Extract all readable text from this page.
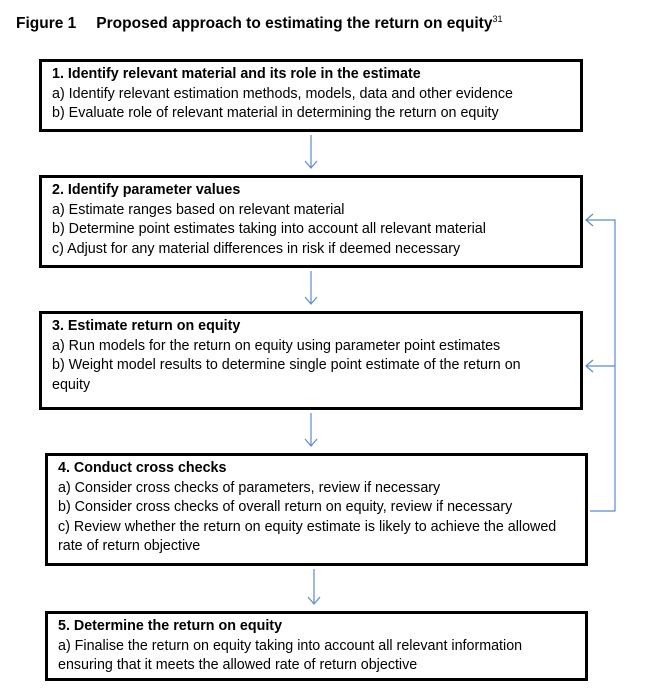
Figure 1 Proposed approach to estimating the return on equity$^{31}$
1. Identify relevant material and its role in the estimate
a) Identify relevant estimation methods, models, data and other evidence
b) Evaluate role of relevant material in determining the return on equity
2. Identify parameter values
a) Estimate ranges based on relevant material
b) Determine point estimates taking into account all relevant material
c) Adjust for any material differences in risk if deemed necessary
3. Estimate return on equity
a) Run models for the return on equity using parameter point estimates
b) Weight model results to determine single point estimate of the return on equity
4. Conduct cross checks
a) Consider cross checks of parameters, review if necessary
b) Consider cross checks of overall return on equity, review if necessary
c) Review whether the return on equity estimate is likely to achieve the allowed rate of return objective
5. Determine the return on equity
a) Finalise the return on equity taking into account all relevant information ensuring that it meets the allowed rate of return objective
